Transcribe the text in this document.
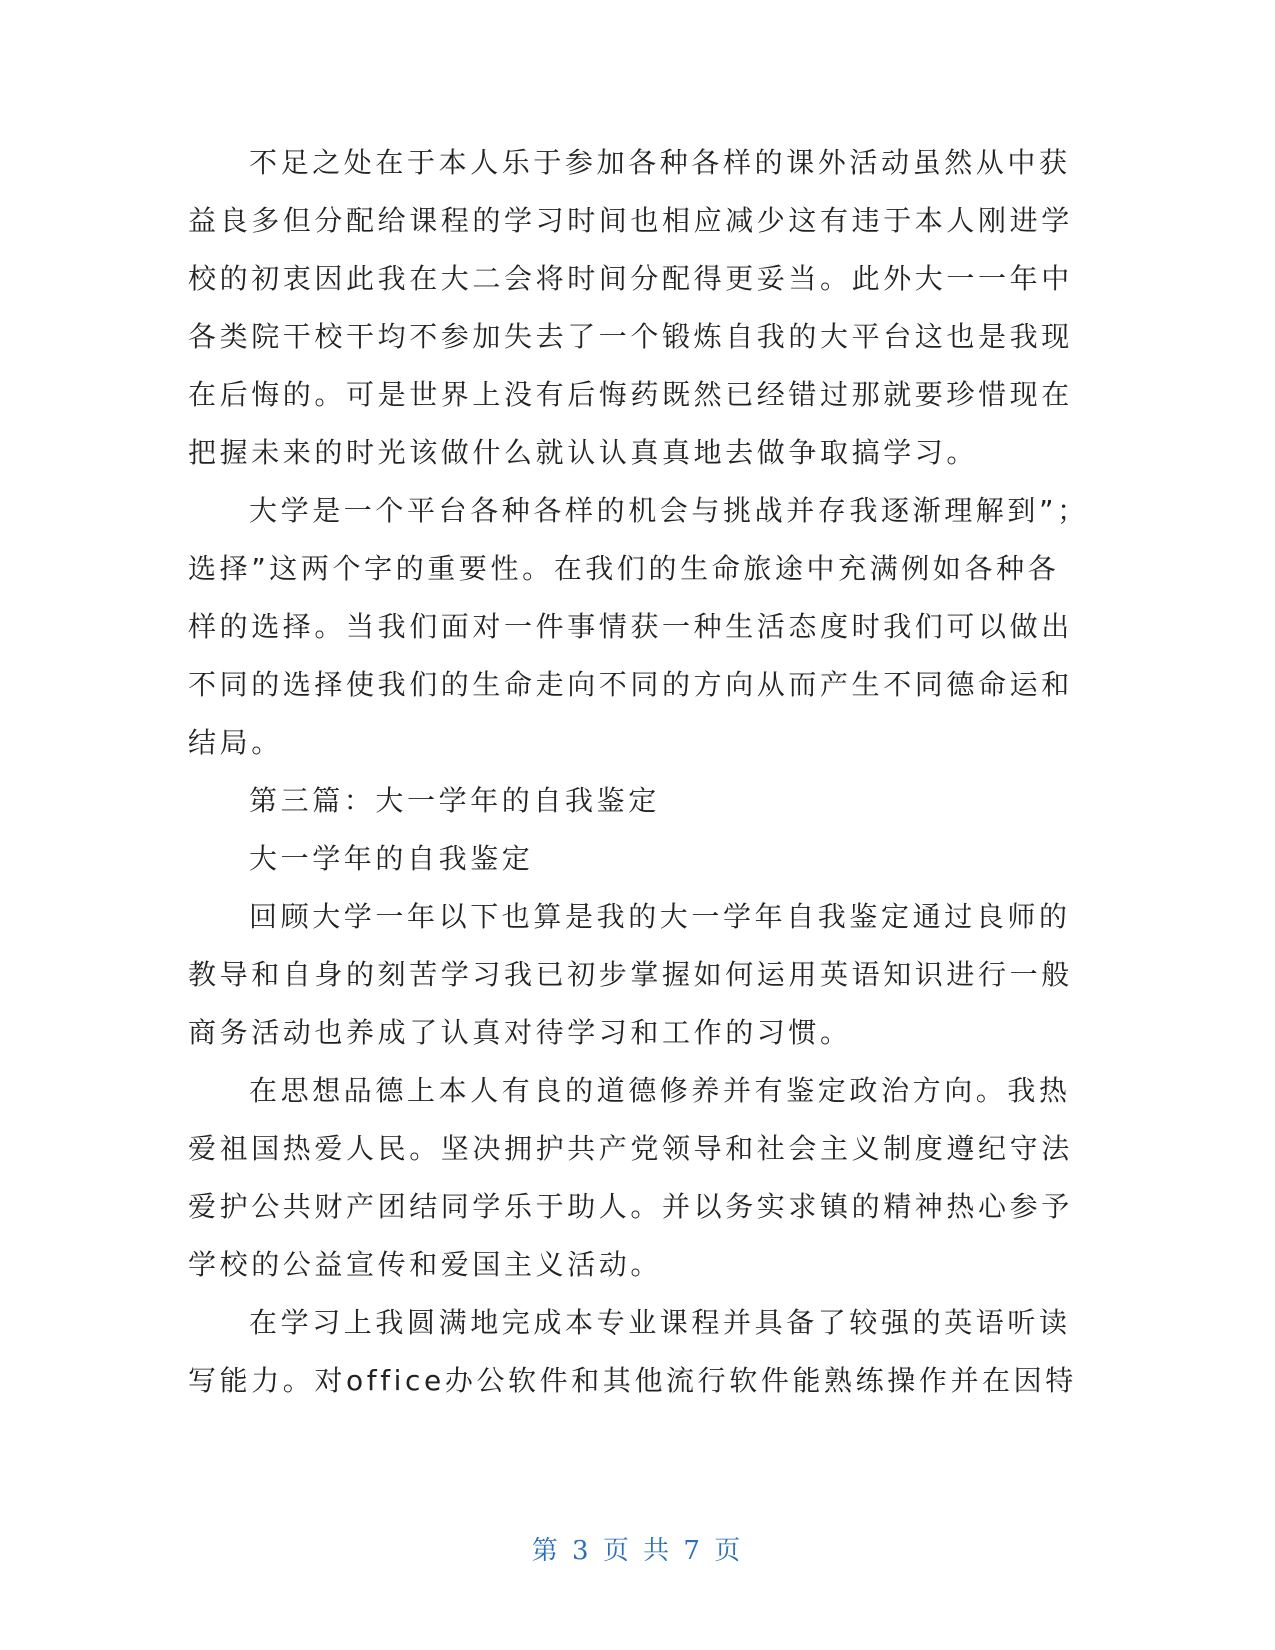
不足之处在于本人乐于参加各种各样的课外活动虽然从中获
益良多但分配给课程的学习时间也相应减少这有违于本人刚进学
校的初衷因此我在大二会将时间分配得更妥当。此外大一一年中
各类院干校干均不参加失去了一个锻炼自我的大平台这也是我现
在后悔的。可是世界上没有后悔药既然已经错过那就要珍惜现在
把握未来的时光该做什么就认认真真地去做争取搞学习。
大学是一个平台各种各样的机会与挑战并存我逐渐理解到”；
选择”这两个字的重要性。在我们的生命旅途中充满例如各种各
样的选择。当我们面对一件事情获一种生活态度时我们可以做出
不同的选择使我们的生命走向不同的方向从而产生不同德命运和
结局。
第三篇：大一学年的自我鉴定
大一学年的自我鉴定
回顾大学一年以下也算是我的大一学年自我鉴定通过良师的
教导和自身的刻苦学习我已初步掌握如何运用英语知识进行一般
商务活动也养成了认真对待学习和工作的习惯。
在思想品德上本人有良的道德修养并有鉴定政治方向。我热
爱祖国热爱人民。坚决拥护共产党领导和社会主义制度遵纪守法
爱护公共财产团结同学乐于助人。并以务实求镇的精神热心参予
学校的公益宣传和爱国主义活动。
在学习上我圆满地完成本专业课程并具备了较强的英语听读
写能力。对office办公软件和其他流行软件能熟练操作并在因特
第 3 页 共 7 页
